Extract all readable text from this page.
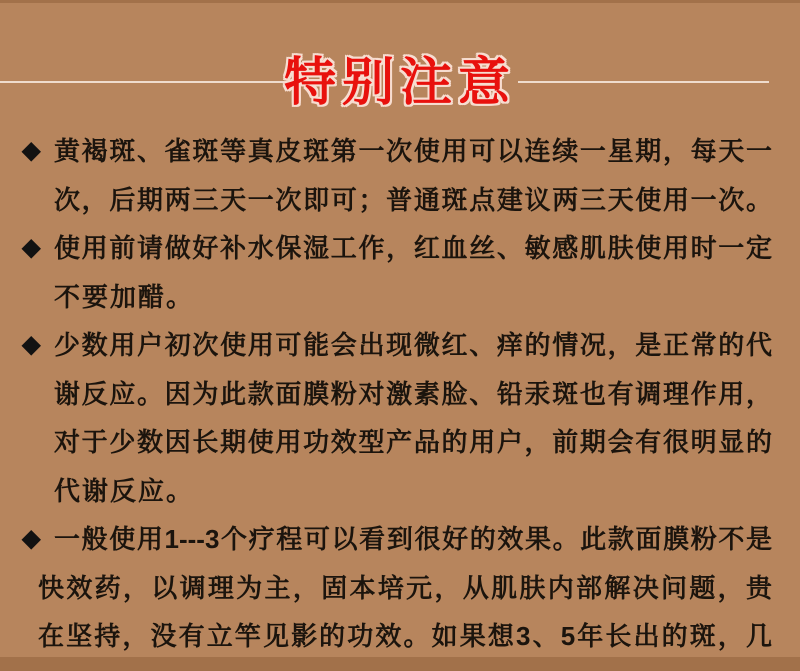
特别注意
◆ 黄褐斑、雀斑等真皮斑第一次使用可以连续一星期，每天一
次，后期两三天一次即可；普通斑点建议两三天使用一次。
◆ 使用前请做好补水保湿工作，红血丝、敏感肌肤使用时一定
不要加醋。
◆ 少数用户初次使用可能会出现微红、痒的情况，是正常的代
谢反应。因为此款面膜粉对激素脸、铅汞斑也有调理作用，
对于少数因长期使用功效型产品的用户，前期会有很明显的
代谢反应。
◆ 一般使用1---3个疗程可以看到很好的效果。此款面膜粉不是
快效药，以调理为主，固本培元，从肌肤内部解决问题，贵
在坚持，没有立竿见影的功效。如果想3、5年长出的斑，几
